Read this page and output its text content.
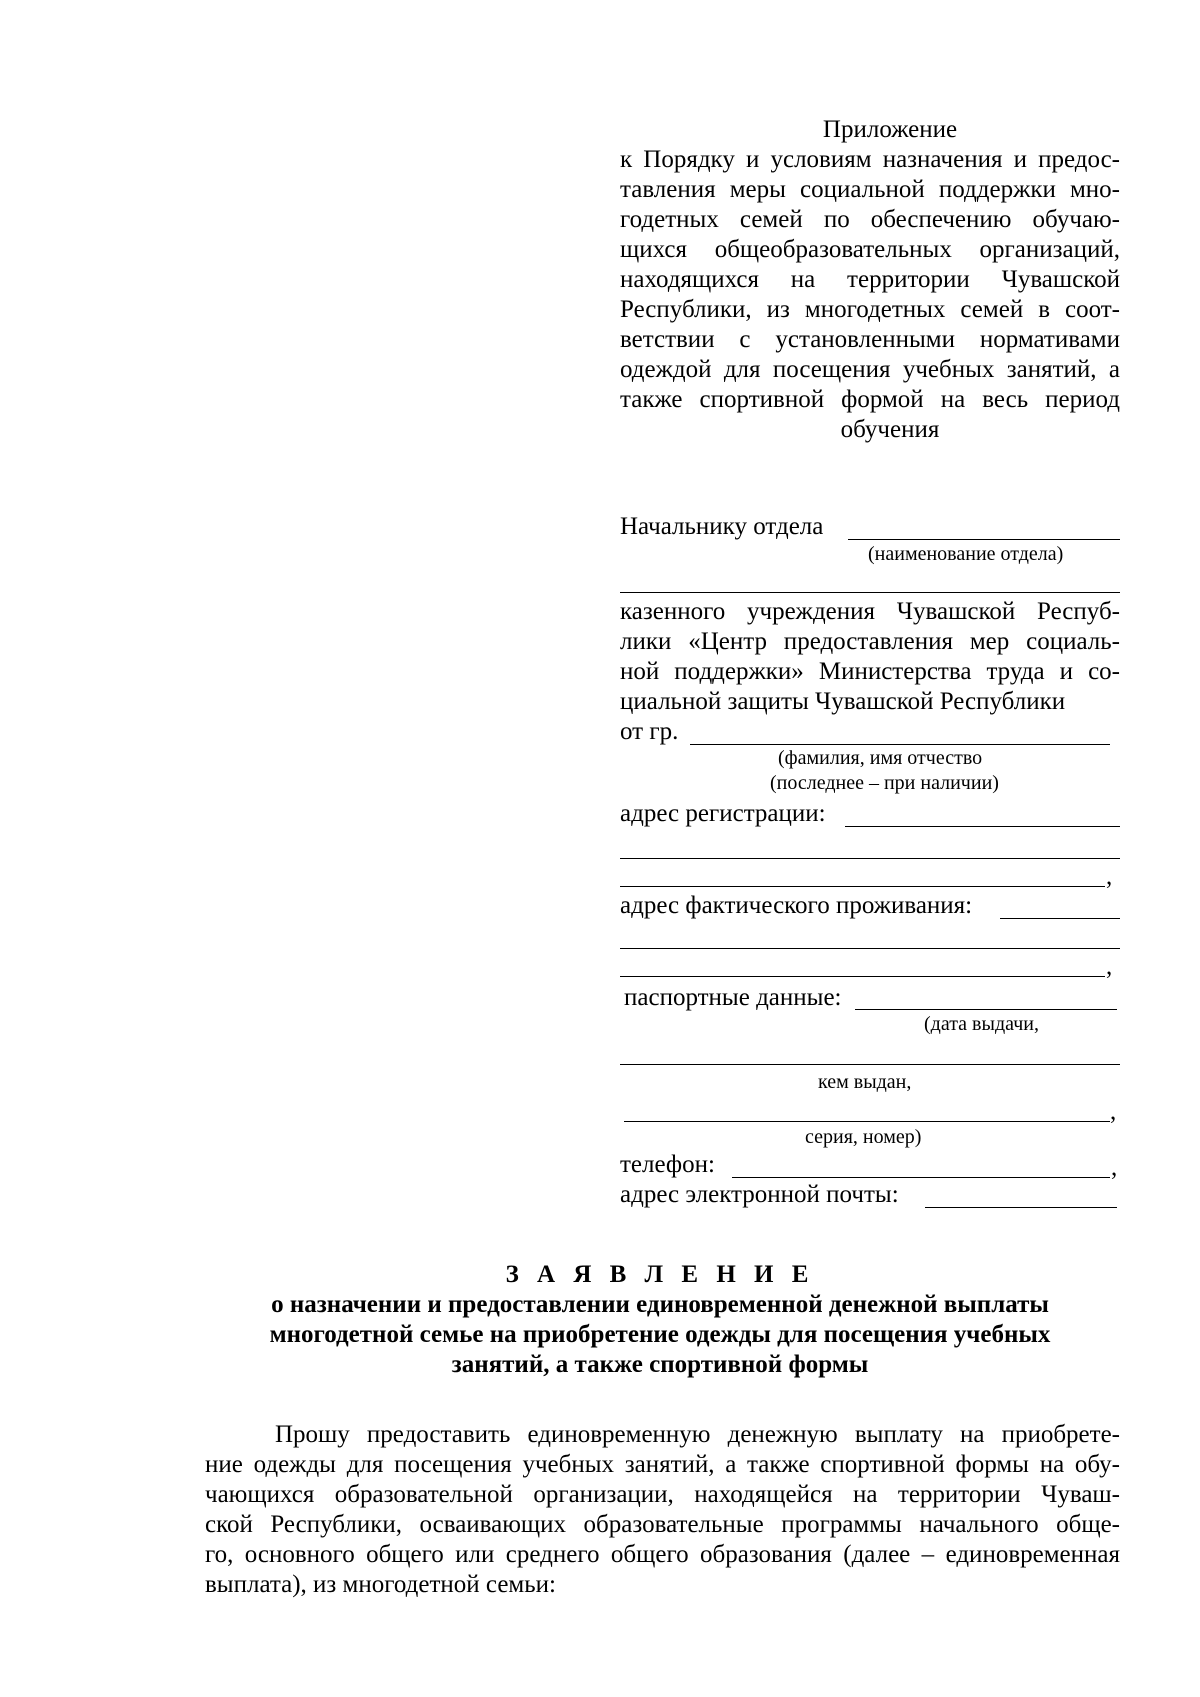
Приложение
к Порядку и условиям назначения и предос-
тавления меры социальной поддержки мно-
годетных семей по обеспечению обучаю-
щихся общеобразовательных организаций,
находящихся на территории Чувашской
Республики, из многодетных семей в соот-
ветствии с установленными нормативами
одеждой для посещения учебных занятий, а
также спортивной формой на весь период
обучения
Начальнику отдела
(наименование отдела)
казенного учреждения Чувашской Респуб-
лики «Центр предоставления мер социаль-
ной поддержки» Министерства труда и со-
циальной защиты Чувашской Республики
от гр.
(фамилия, имя отчество
(последнее – при наличии)
адрес регистрации:
,
адрес фактического проживания:
,
паспортные данные:
(дата выдачи,
кем выдан,
,
серия, номер)
телефон:	,
адрес электронной почты:
З А Я В Л Е Н И Е
о назначении и предоставлении единовременной денежной выплаты
многодетной семье на приобретение одежды для посещения учебных
занятий, а также спортивной формы
Прошу предоставить единовременную денежную выплату на приобрете-
ние одежды для посещения учебных занятий, а также спортивной формы на обу-
чающихся образовательной организации, находящейся на территории Чуваш-
ской Республики, осваивающих образовательные программы начального обще-
го, основного общего или среднего общего образования (далее – единовременная
выплата), из многодетной семьи:
